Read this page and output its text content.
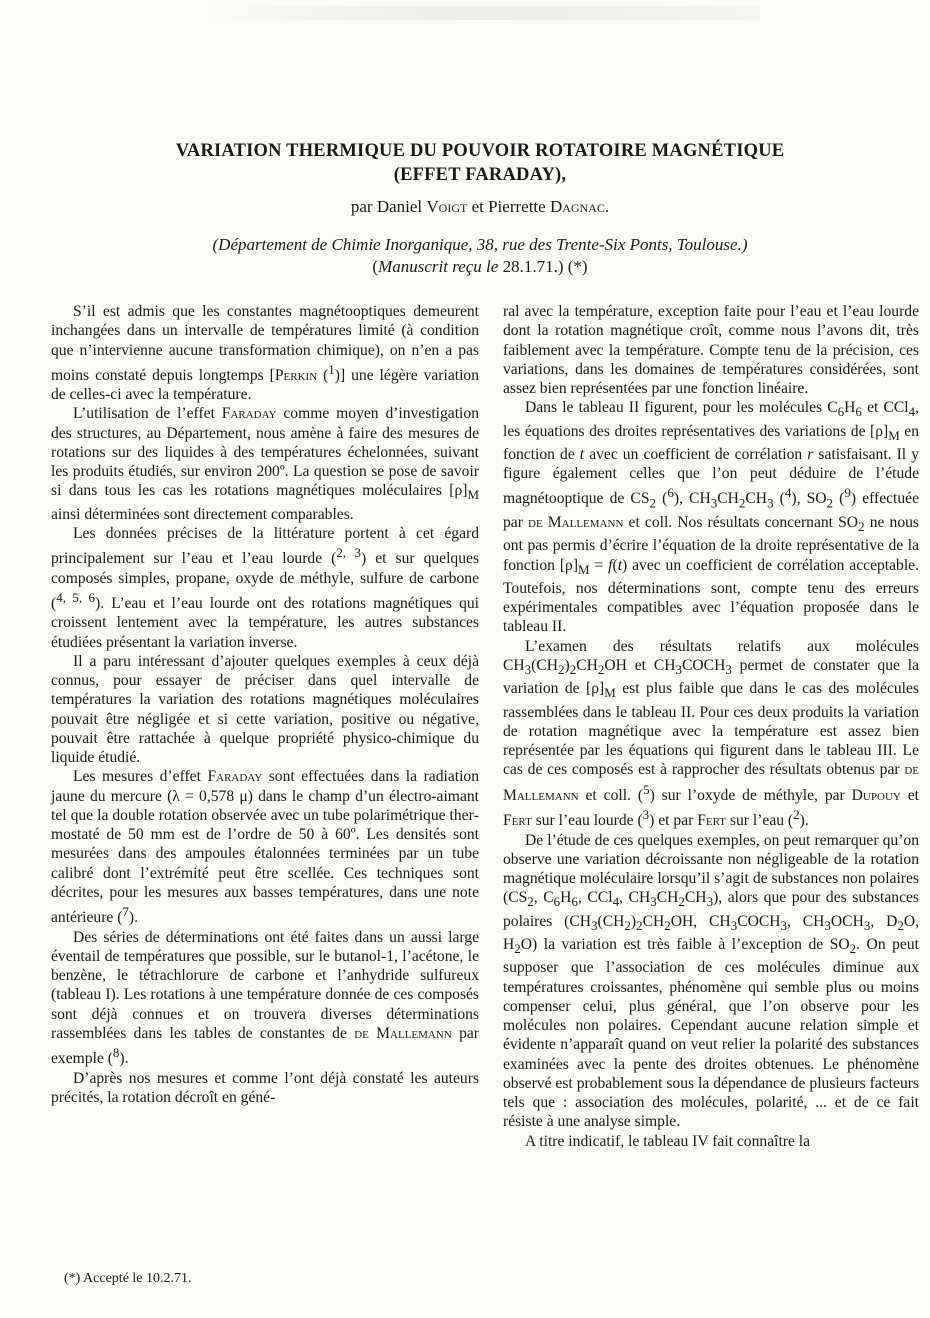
VARIATION THERMIQUE DU POUVOIR ROTATOIRE MAGNÉTIQUE
(EFFET FARADAY),
par Daniel Voigt et Pierrette Dagnac.
(Département de Chimie Inorganique, 38, rue des Trente-Six Ponts, Toulouse.)
(Manuscrit reçu le 28.1.71.) (*)

S’il est admis que les constantes magnétooptiques demeurent inchangées dans un intervalle de températures limité (à condition que n’intervienne aucune transformation chimique), on n’en a pas moins constaté depuis longtemps [Perkin ($^1$)] une légère variation de celles-ci avec la température.

L’utilisation de l’effet Faraday comme moyen d’investigation des structures, au Département, nous amène à faire des mesures de rotations sur des liquides à des températures échelonnées, suivant les produits étudiés, sur environ 200º. La question se pose de savoir si dans tous les cas les rotations magnétiques moléculaires $[\rho]_M$ ainsi déterminées sont directement comparables.

Les données précises de la littérature portent à cet égard principalement sur l’eau et l’eau lourde ($^{2, 3}$) et sur quelques composés simples, propane, oxyde de méthyle, sulfure de carbone ($^{4, 5, 6}$). L’eau et l’eau lourde ont des rotations magnétiques qui croissent lentement avec la température, les autres substances étudiées présentant la variation inverse.

Il a paru intéressant d’ajouter quelques exemples à ceux déjà connus, pour essayer de préciser dans quel intervalle de températures la variation des rotations magnétiques moléculaires pouvait être négligée et si cette variation, positive ou négative, pouvait être rattachée à quelque propriété physico-chimique du liquide étudié.

Les mesures d’effet Faraday sont effectuées dans la radiation jaune du mercure (λ = 0,578 μ) dans le champ d’un électro-aimant tel que la double rotation observée avec un tube polarimétrique thermostaté de 50 mm est de l’ordre de 50 à 60º. Les densités sont mesurées dans des ampoules étalonnées terminées par un tube calibré dont l’extrémité peut être scellée. Ces techniques sont décrites, pour les mesures aux basses températures, dans une note antérieure ($^7$).

Des séries de déterminations ont été faites dans un aussi large éventail de températures que possible, sur le butanol-1, l’acétone, le benzène, le tétrachlorure de carbone et l’anhydride sulfureux (tableau I). Les rotations à une température donnée de ces composés sont déjà connues et on trouvera diverses déterminations rassemblées dans les tables de constantes de de Mallemann par exemple ($^8$).

D’après nos mesures et comme l’ont déjà constaté les auteurs précités, la rotation décroît en géné-

ral avec la température, exception faite pour l’eau et l’eau lourde dont la rotation magnétique croît, comme nous l’avons dit, très faiblement avec la température. Compte tenu de la précision, ces variations, dans les domaines de températures considérées, sont assez bien représentées par une fonction linéaire.

Dans le tableau II figurent, pour les molécules $C_6H_6$ et CCl$_4$, les équations des droites représentatives des variations de $[\rho]_M$ en fonction de t avec un coefficient de corrélation r satisfaisant. Il y figure également celles que l’on peut déduire de l’étude magnétooptique de $CS_2$ ($^6$), $CH_3CH_2CH_3$ ($^4$), $SO_2$ ($^9$) effectuée par de Mallemann et coll. Nos résultats concernant $SO_2$ ne nous ont pas permis d’écrire l’équation de la droite représentative de la fonction $[\rho]_M = f(t)$ avec un coefficient de corrélation acceptable. Toutefois, nos déterminations sont, compte tenu des erreurs expérimentales compatibles avec l’équation proposée dans le tableau II.

L’examen des résultats relatifs aux molécules $CH_3(CH_2)_2CH_2OH$ et $CH_3COCH_3$ permet de constater que la variation de $[\rho]_M$ est plus faible que dans le cas des molécules rassemblées dans le tableau II. Pour ces deux produits la variation de rotation magnétique avec la température est assez bien représentée par les équations qui figurent dans le tableau III. Le cas de ces composés est à rapprocher des résultats obtenus par de Mallemann et coll. ($^5$) sur l’oxyde de méthyle, par Dupouy et Fert sur l’eau lourde ($^3$) et par Fert sur l’eau ($^2$).

De l’étude de ces quelques exemples, on peut remarquer qu’on observe une variation décroissante non négligeable de la rotation magnétique moléculaire lorsqu’il s’agit de substances non polaires ($CS_2$, $C_6H_6$, CCl$_4$, $CH_3CH_2CH_3$), alors que pour des substances polaires ($CH_3(CH_2)_2CH_2OH$, $CH_3COCH_3$, $CH_3OCH_3$, $D_2O$, $H_2O$) la variation est très faible à l’exception de $SO_2$. On peut supposer que l’association de ces molécules diminue aux températures croissantes, phénomène qui semble plus ou moins compenser celui, plus général, que l’on observe pour les molécules non polaires. Cependant aucune relation simple et évidente n’apparaît quand on veut relier la polarité des substances examinées avec la pente des droites obtenues. Le phénomène observé est probablement sous la dépendance de plusieurs facteurs tels que : association des molécules, polarité, ... et de ce fait résiste à une analyse simple.

A titre indicatif, le tableau IV fait connaître la

(*) Accepté le 10.2.71.
